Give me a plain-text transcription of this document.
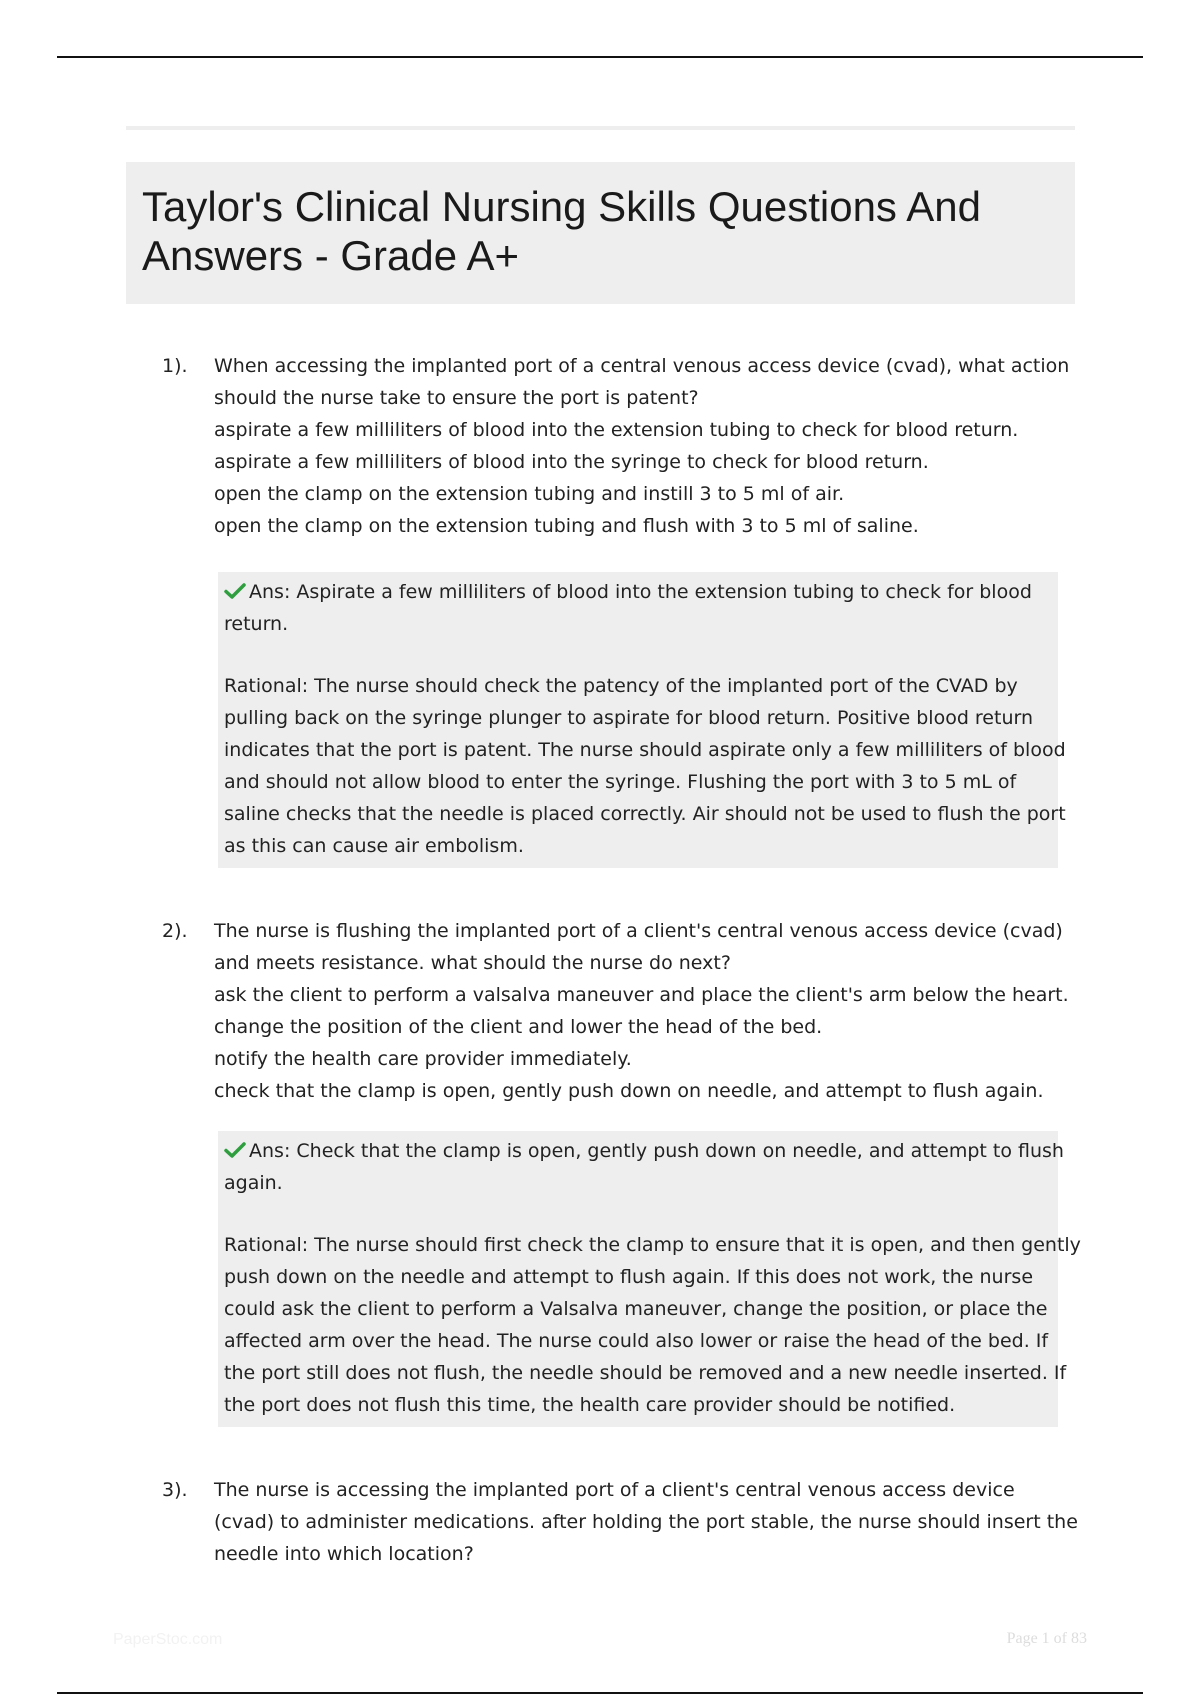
Taylor's Clinical Nursing Skills Questions And
Answers - Grade A+
1). When accessing the implanted port of a central venous access device (cvad), what action
should the nurse take to ensure the port is patent?
aspirate a few milliliters of blood into the extension tubing to check for blood return.
aspirate a few milliliters of blood into the syringe to check for blood return.
open the clamp on the extension tubing and instill 3 to 5 ml of air.
open the clamp on the extension tubing and flush with 3 to 5 ml of saline.
Ans: Aspirate a few milliliters of blood into the extension tubing to check for blood
return.
Rational: The nurse should check the patency of the implanted port of the CVAD by
pulling back on the syringe plunger to aspirate for blood return. Positive blood return
indicates that the port is patent. The nurse should aspirate only a few milliliters of blood
and should not allow blood to enter the syringe. Flushing the port with 3 to 5 mL of
saline checks that the needle is placed correctly. Air should not be used to flush the port
as this can cause air embolism.
2). The nurse is flushing the implanted port of a client's central venous access device (cvad)
and meets resistance. what should the nurse do next?
ask the client to perform a valsalva maneuver and place the client's arm below the heart.
change the position of the client and lower the head of the bed.
notify the health care provider immediately.
check that the clamp is open, gently push down on needle, and attempt to flush again.
Ans: Check that the clamp is open, gently push down on needle, and attempt to flush
again.
Rational: The nurse should first check the clamp to ensure that it is open, and then gently
push down on the needle and attempt to flush again. If this does not work, the nurse
could ask the client to perform a Valsalva maneuver, change the position, or place the
affected arm over the head. The nurse could also lower or raise the head of the bed. If
the port still does not flush, the needle should be removed and a new needle inserted. If
the port does not flush this time, the health care provider should be notified.
3). The nurse is accessing the implanted port of a client's central venous access device
(cvad) to administer medications. after holding the port stable, the nurse should insert the
needle into which location?
PaperStoc.com	Page 1 of 83
